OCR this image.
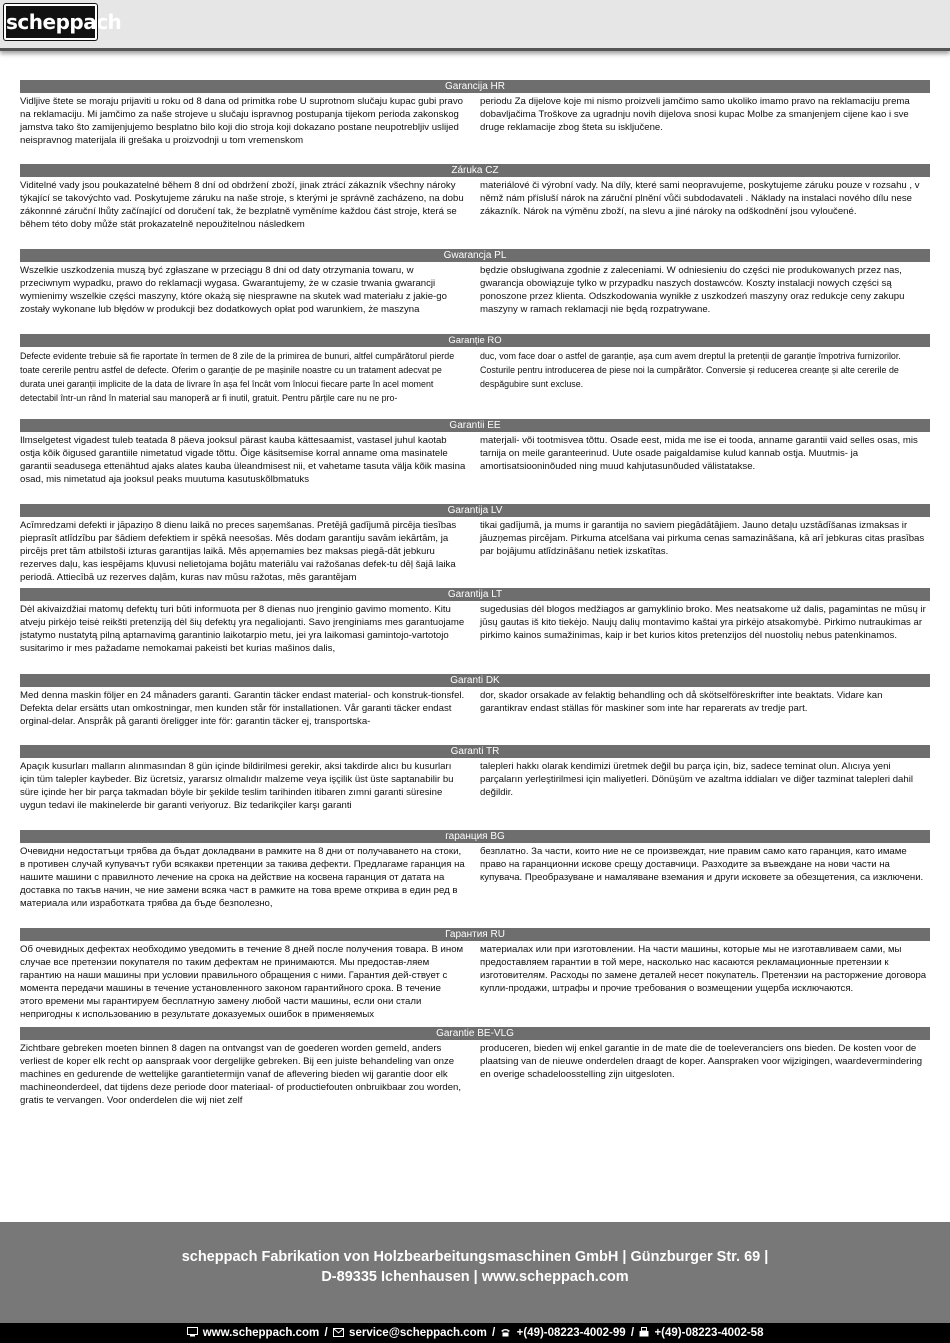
scheppach
Garancija HR
Vidljive štete se moraju prijaviti u roku od 8 dana od primitka robe U suprotnom slučaju kupac gubi pravo na reklamaciju. Mi jamčimo za naše strojeve u slučaju ispravnog postupanja tijekom perioda zakonskog jamstva tako što zamijenjujemo besplatno bilo koji dio stroja koji dokazano postane neupotrebljiv uslijed neispravnog materijala ili grešaka u proizvodnji u tom vremenskom
periodu Za dijelove koje mi nismo proizveli jamčimo samo ukoliko imamo pravo na reklamaciju prema dobavljačima Troškove za ugradnju novih dijelova snosi kupac Molbe za smanjenjem cijene kao i sve druge reklamacije zbog šteta su isključene.
Záruka CZ
Viditelné vady jsou poukazatelné během 8 dní od obdržení zboží, jinak ztrácí zákazník všechny nároky týkající se takovýchto vad. Poskytujeme záruku na naše stroje, s kterými je správně zacházeno, na dobu zákonnné záruční lhůty začínající od doručení tak, že bezplatně vyměníme každou část stroje, která se během této doby může stát prokazatelně nepoužitelnou následkem
materiálové či výrobní vady. Na díly, které sami neopravujeme, poskytujeme záruku pouze v rozsahu , v němž nám přísluší nárok na záruční plnění vůči subdodavateli . Náklady na instalaci nového dílu nese zákazník. Nárok na výměnu zboží, na slevu a jiné nároky na odškodnění jsou vyloučené.
Gwarancja PL
Wszelkie uszkodzenia muszą być zgłaszane w przeciągu 8 dni od daty otrzymania towaru, w przeciwnym wypadku, prawo do reklamacji wygasa. Gwarantujemy, że w czasie trwania gwarancji wymienimy wszelkie części maszyny, które okażą się niesprawne na skutek wad materiału z jakie-go zostały wykonane lub błędów w produkcji bez dodatkowych opłat pod warunkiem, że maszyna
będzie obsługiwana zgodnie z zaleceniami. W odniesieniu do części nie produkowanych przez nas, gwarancja obowiązuje tylko w przypadku naszych dostawców. Koszty instalacji nowych części są ponoszone przez klienta. Odszkodowania wynikłe z uszkodzeń maszyny oraz redukcje ceny zakupu maszyny w ramach reklamacji nie będą rozpatrywane.
Garanție RO
Defecte evidente trebuie să fie raportate în termen de 8 zile de la primirea de bunuri, altfel cumpărătorul pierde toate cererile pentru astfel de defecte. Oferim o garanție de pe mașinile noastre cu un tratament adecvat pe durata unei garanții implicite de la data de livrare în așa fel încât vom înlocui fiecare parte în acel moment detectabil într-un rând în material sau manoperă ar fi inutil, gratuit. Pentru părțile care nu ne pro-
duc, vom face doar o astfel de garanție, așa cum avem dreptul la pretenții de garanție împotriva furnizorilor. Costurile pentru introducerea de piese noi la cumpărător. Conversie și reducerea creanțe și alte cererile de despăgubire sunt excluse.
Garantii EE
Ilmselgetest vigadest tuleb teatada 8 päeva jooksul pärast kauba kättesaamist, vastasel juhul kaotab ostja kõik õigused garantiile nimetatud vigade tõttu. Õige käsitsemise korral anname oma masinatele garantii seadusega ettenähtud ajaks alates kauba üleandmisest nii, et vahetame tasuta välja kõik masina osad, mis nimetatud aja jooksul peaks muutuma kasutuskõlbmatuks
materjali- või tootmisvea tõttu. Osade eest, mida me ise ei tooda, anname garantii vaid selles osas, mis tarnija on meile garanteerinud. Uute osade paigaldamise kulud kannab ostja. Muutmis- ja amortisatsiooninõuded ning muud kahjutasunõuded välistatakse.
Garantija LV
Acīmredzami defekti ir jāpaziņo 8 dienu laikā no preces saņemšanas. Pretējā gadījumā pircēja tiesības pieprasīt atlīdzību par šādiem defektiem ir spēkā neesošas. Mēs dodam garantiju savām iekārtām, ja pircējs pret tām atbilstoši izturas garantijas laikā. Mēs apņemamies bez maksas piegā-dāt jebkuru rezerves daļu, kas iespējams kļuvusi nelietojama bojātu materiālu vai ražošanas defek-tu dēļ šajā laika periodā. Attiecībā uz rezerves daļām, kuras nav mūsu ražotas, mēs garantējam
tikai gadījumā, ja mums ir garantija no saviem piegādātājiem. Jauno detaļu uzstādīšanas izmaksas ir jāuzņemas pircējam. Pirkuma atcelšana vai pirkuma cenas samazināšana, kā arī jebkuras citas prasības par bojājumu atlīdzināšanu netiek izskatītas.
Garantija LT
Dėl akivaizdžiai matomų defektų turi būti informuota per 8 dienas nuo įrenginio gavimo momento. Kitu atveju pirkėjo teisė reikšti pretenziją dėl šių defektų yra negaliojanti. Savo įrenginiams mes garantuojame įstatymo nustatytą pilną aptarnavimą garantinio laikotarpio metu, jei yra laikomasi gamintojo-vartotojo susitarimo ir mes pažadame nemokamai pakeisti bet kurias mašinos dalis,
sugedusias dėl blogos medžiagos ar gamyklinio broko. Mes neatsakome už dalis, pagamintas ne mūsų ir jūsų gautas iš kito tiekėjo. Naujų dalių montavimo kaštai yra pirkėjo atsakomybė. Pirkimo nutraukimas ar pirkimo kainos sumažinimas, kaip ir bet kurios kitos pretenzijos dėl nuostolių nebus patenkinamos.
Garanti DK
Med denna maskin följer en 24 månaders garanti. Garantin täcker endast material- och konstruk-tionsfel. Defekta delar ersätts utan omkostningar, men kunden står för installationen. Vår garanti täcker endast orginal-delar. Anspråk på garanti öreligger inte för: garantin täcker ej, transportska-
dor, skador orsakade av felaktig behandling och då skötselföreskrifter inte beaktats. Vidare kan garantikrav endast ställas för maskiner som inte har reparerats av tredje part.
Garanti TR
Apaçık kusurları malların alınmasından 8 gün içinde bildirilmesi gerekir, aksi takdirde alıcı bu kusurları için tüm talepler kaybeder. Biz ücretsiz, yararsız olmalıdır malzeme veya işçilik üst üste saptanabilir bu süre içinde her bir parça takmadan böyle bir şekilde teslim tarihinden itibaren zımni garanti süresine uygun tedavi ile makinelerde bir garanti veriyoruz. Biz tedarikçiler karşı garanti
talepleri hakkı olarak kendimizi üretmek değil bu parça için, biz, sadece teminat olun. Alıcıya yeni parçaların yerleştirilmesi için maliyetleri. Dönüşüm ve azaltma iddiaları ve diğer tazminat talepleri dahil değildir.
гаранция BG
Очевидни недостатъци трябва да бъдат докладвани в рамките на 8 дни от получаването на стоки, в противен случай купувачът губи всякакви претенции за такива дефекти. Предлагаме гаранция на нашите машини с правилното лечение на срока на действие на косвена гаранция от датата на доставка по такъв начин, че ние замени всяка част в рамките на това време открива в един ред в материала или изработката трябва да бъде безполезно,
безплатно. За части, които ние не се произвеждат, ние правим само като гаранция, като имаме право на гаранционни искове срещу доставчици. Разходите за въвеждане на нови части на купувача. Преобразуване и намаляване вземания и други исковете за обезщетения, са изключени.
Гарантия RU
Об очевидных дефектах необходимо уведомить в течение 8 дней после получения товара. В ином случае все претензии покупателя по таким дефектам не принимаются. Мы предостав-ляем гарантию на наши машины при условии правильного обращения с ними. Гарантия дей-ствует с момента передачи машины в течение установленного законом гарантийного срока. В течение этого времени мы гарантируем бесплатную замену любой части машины, если они стали непригодны к использованию в результате доказуемых ошибок в применяемых
материалах или при изготовлении. На части машины, которые мы не изготавливаем сами, мы предоставляем гарантии в той мере, насколько нас касаются рекламационные претензии к изготовителям. Расходы по замене деталей несет покупатель. Претензии на расторжение договора купли-продажи, штрафы и прочие требования о возмещении ущерба исключаются.
Garantie BE-VLG
Zichtbare gebreken moeten binnen 8 dagen na ontvangst van de goederen worden gemeld, anders verliest de koper elk recht op aanspraak voor dergelijke gebreken. Bij een juiste behandeling van onze machines en gedurende de wettelijke garantietermijn vanaf de aflevering bieden wij garantie door elk machineonderdeel, dat tijdens deze periode door materiaal- of productiefouten onbruikbaar zou worden, gratis te vervangen. Voor onderdelen die wij niet zelf
produceren, bieden wij enkel garantie in de mate die de toeleveranciers ons bieden. De kosten voor de plaatsing van de nieuwe onderdelen draagt de koper. Aanspraken voor wijzigingen, waardevermindering en overige schadeloosstelling zijn uitgesloten.
scheppach Fabrikation von Holzbearbeitungsmaschinen GmbH | Günzburger Str. 69 |
D-89335 Ichenhausen | www.scheppach.com
www.scheppach.com / service@scheppach.com / +(49)-08223-4002-99 / +(49)-08223-4002-58
